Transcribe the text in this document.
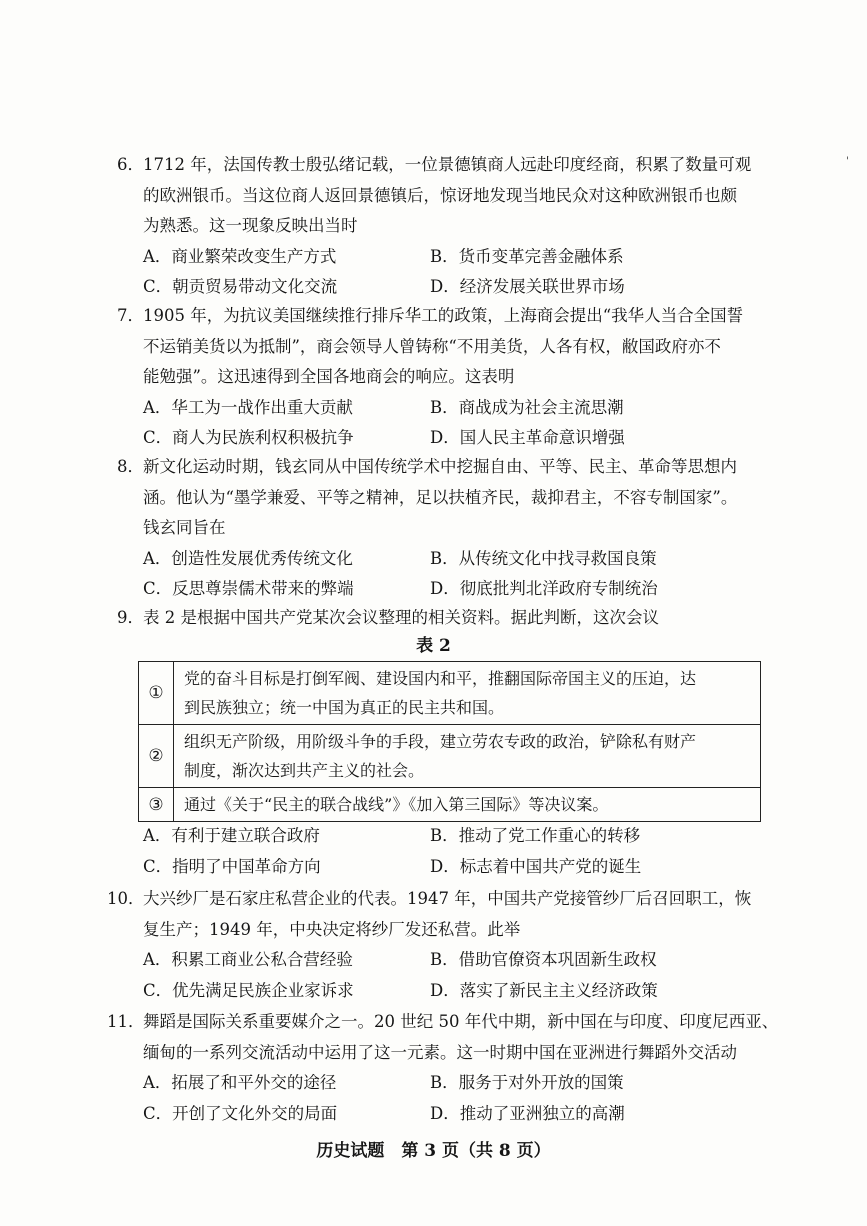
'
6． 1712 年，法国传教士殷弘绪记载，一位景德镇商人远赴印度经商，积累了数量可观
的欧洲银币。当这位商人返回景德镇后，惊讶地发现当地民众对这种欧洲银币也颇
为熟悉。这一现象反映出当时
A．商业繁荣改变生产方式	B．货币变革完善金融体系
C．朝贡贸易带动文化交流	D．经济发展关联世界市场
7． 1905 年，为抗议美国继续推行排斥华工的政策，上海商会提出“我华人当合全国誓
不运销美货以为抵制”，商会领导人曾铸称“不用美货，人各有权，敝国政府亦不
能勉强”。这迅速得到全国各地商会的响应。这表明
A．华工为一战作出重大贡献	B．商战成为社会主流思潮
C．商人为民族利权积极抗争	D．国人民主革命意识增强
8． 新文化运动时期，钱玄同从中国传统学术中挖掘自由、平等、民主、革命等思想内
涵。他认为“墨学兼爱、平等之精神，足以扶植齐民，裁抑君主，不容专制国家”。
钱玄同旨在
A．创造性发展优秀传统文化	B．从传统文化中找寻救国良策
C．反思尊崇儒术带来的弊端	D．彻底批判北洋政府专制统治
9． 表 2 是根据中国共产党某次会议整理的相关资料。据此判断，这次会议
表 2
①	党的奋斗目标是打倒军阀、建设国内和平，推翻国际帝国主义的压迫，达
到民族独立；统一中国为真正的民主共和国。

②	组织无产阶级，用阶级斗争的手段，建立劳农专政的政治，铲除私有财产
制度，渐次达到共产主义的社会。

③	通过《关于“民主的联合战线”》《加入第三国际》等决议案。
A．有利于建立联合政府	B．推动了党工作重心的转移
C．指明了中国革命方向	D．标志着中国共产党的诞生
10．
大兴纱厂是石家庄私营企业的代表。1947 年，中国共产党接管纱厂后召回职工，恢
复生产；1949 年，中央决定将纱厂发还私营。此举
A．积累工商业公私合营经验	B．借助官僚资本巩固新生政权
C．优先满足民族企业家诉求	D．落实了新民主主义经济政策
11．
舞蹈是国际关系重要媒介之一。20 世纪 50 年代中期，新中国在与印度、印度尼西亚、
缅甸的一系列交流活动中运用了这一元素。这一时期中国在亚洲进行舞蹈外交活动
A．拓展了和平外交的途径	B．服务于对外开放的国策
C．开创了文化外交的局面	D．推动了亚洲独立的高潮
历史试题　第 3 页（共 8 页）
